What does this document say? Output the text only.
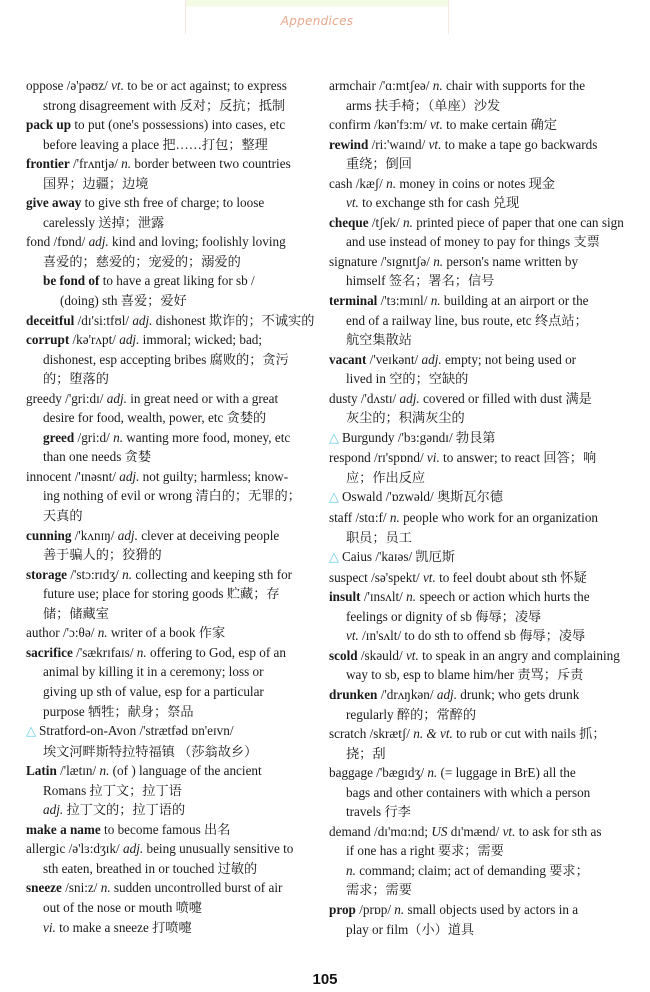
Appendices
oppose /ə'pəʊz/ vt. to be or act against; to express
strong disagreement with 反对；反抗；抵制
pack up to put (one's possessions) into cases, etc
before leaving a place 把……打包；整理
frontier /'frʌntjə/ n. border between two countries
国界；边疆；边境
give away to give sth free of charge; to loose
carelessly 送掉；泄露
fond /fɒnd/ adj. kind and loving; foolishly loving
喜爱的；慈爱的；宠爱的；溺爱的
be fond of to have a great liking for sb /
(doing) sth 喜爱；爱好
deceitful /dɪ'si:tfʊl/ adj. dishonest 欺诈的；不诚实的
corrupt /kə'rʌpt/ adj. immoral; wicked; bad;
dishonest, esp accepting bribes 腐败的；贪污
的；堕落的
greedy /'gri:dɪ/ adj. in great need or with a great
desire for food, wealth, power, etc 贪婪的
greed /gri:d/ n. wanting more food, money, etc
than one needs 贪婪
innocent /'ɪnəsnt/ adj. not guilty; harmless; know-
ing nothing of evil or wrong 清白的；无罪的；
天真的
cunning /'kʌnɪŋ/ adj. clever at deceiving people
善于骗人的；狡猾的
storage /'stɔ:rɪdʒ/ n. collecting and keeping sth for
future use; place for storing goods 贮藏；存
储；储藏室
author /'ɔ:θə/ n. writer of a book 作家
sacrifice /'sækrɪfaɪs/ n. offering to God, esp of an
animal by killing it in a ceremony; loss or
giving up sth of value, esp for a particular
purpose 牺牲；献身；祭品
△ Stratford-on-Avon /'strætfəd ɒn'eɪvn/
埃文河畔斯特拉特福镇 （莎翁故乡）
Latin /'lætɪn/ n. (of ) language of the ancient
Romans 拉丁文；拉丁语
adj. 拉丁文的；拉丁语的
make a name to become famous 出名
allergic /ə'lɜ:dʒɪk/ adj. being unusually sensitive to
sth eaten, breathed in or touched 过敏的
sneeze /sni:z/ n. sudden uncontrolled burst of air
out of the nose or mouth 喷嚏
vi. to make a sneeze 打喷嚏
armchair /'ɑ:mtʃeə/ n. chair with supports for the
arms 扶手椅；（单座）沙发
confirm /kən'fɜ:m/ vt. to make certain 确定
rewind /ri:'waɪnd/ vt. to make a tape go backwards
重绕；倒回
cash /kæʃ/ n. money in coins or notes 现金
vt. to exchange sth for cash 兑现
cheque /tʃek/ n. printed piece of paper that one can sign
and use instead of money to pay for things 支票
signature /'sɪgnɪtʃə/ n. person's name written by
himself 签名；署名；信号
terminal /'tɜ:mɪnl/ n. building at an airport or the
end of a railway line, bus route, etc 终点站；
航空集散站
vacant /'veɪkənt/ adj. empty; not being used or
lived in 空的；空缺的
dusty /'dʌstɪ/ adj. covered or filled with dust 满是
灰尘的；积满灰尘的
△ Burgundy /'bɜ:gəndɪ/ 勃艮第
respond /rɪ'spɒnd/ vi. to answer; to react 回答；响
应；作出反应
△ Oswald /'ɒzwəld/ 奥斯瓦尔德
staff /stɑ:f/ n. people who work for an organization
职员；员工
△ Caius /'kaɪəs/ 凯厄斯
suspect /sə'spekt/ vt. to feel doubt about sth 怀疑
insult /'ɪnsʌlt/ n. speech or action which hurts the
feelings or dignity of sb 侮辱；凌辱
vt. /ɪn'sʌlt/ to do sth to offend sb 侮辱；凌辱
scold /skəuld/ vt. to speak in an angry and complaining
way to sb, esp to blame him/her 责骂；斥责
drunken /'drʌŋkən/ adj. drunk; who gets drunk
regularly 醉的；常醉的
scratch /skrætʃ/ n. & vt. to rub or cut with nails 抓；
挠；刮
baggage /'bægɪdʒ/ n. (= luggage in BrE) all the
bags and other containers with which a person
travels 行李
demand /dɪ'mɑ:nd; US dɪ'mænd/ vt. to ask for sth as
if one has a right 要求；需要
n. command; claim; act of demanding 要求；
需求；需要
prop /prɒp/ n. small objects used by actors in a
play or film（小）道具
105
